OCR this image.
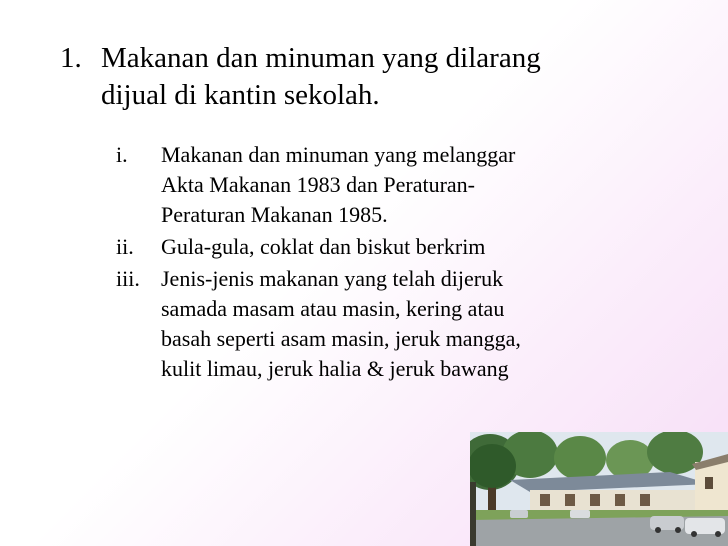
1. Makanan dan minuman yang dilarang
dijual di kantin sekolah.
i. Makanan dan minuman yang melanggar
Akta Makanan 1983 dan Peraturan-
Peraturan Makanan 1985.
ii. Gula-gula, coklat dan biskut berkrim
iii. Jenis-jenis makanan yang telah dijeruk
samada masam atau masin, kering atau
basah seperti asam masin, jeruk mangga,
kulit limau, jeruk halia & jeruk bawang
